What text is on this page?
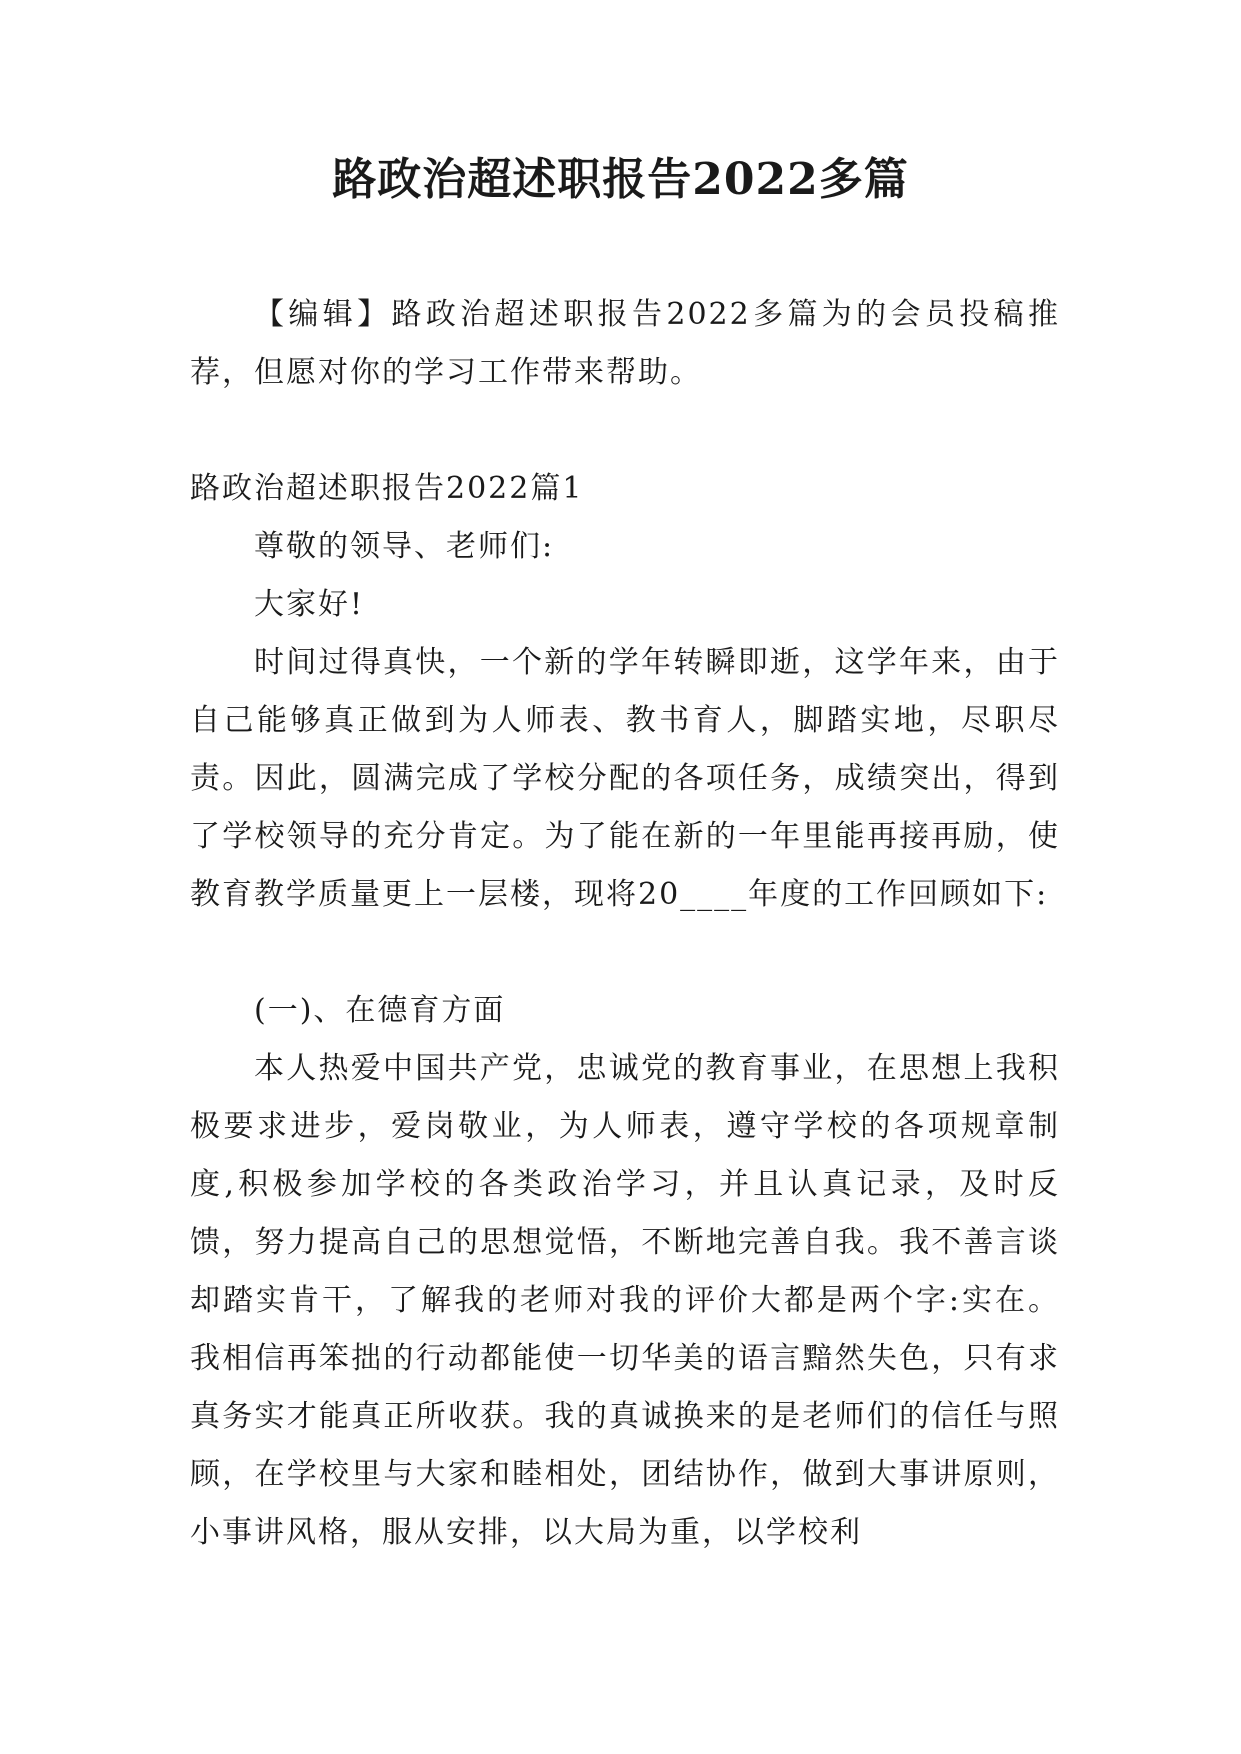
路政治超述职报告2022多篇

【编辑】路政治超述职报告2022多篇为的会员投稿推荐，但愿对你的学习工作带来帮助。

路政治超述职报告2022篇1

尊敬的领导、老师们:

大家好!

时间过得真快，一个新的学年转瞬即逝，这学年来，由于自己能够真正做到为人师表、教书育人，脚踏实地，尽职尽责。因此，圆满完成了学校分配的各项任务，成绩突出，得到了学校领导的充分肯定。为了能在新的一年里能再接再励，使教育教学质量更上一层楼，现将20____年度的工作回顾如下:

(一)、在德育方面

本人热爱中国共产党，忠诚党的教育事业，在思想上我积极要求进步，爱岗敬业，为人师表，遵守学校的各项规章制度,积极参加学校的各类政治学习，并且认真记录，及时反馈，努力提高自己的思想觉悟，不断地完善自我。我不善言谈却踏实肯干，了解我的老师对我的评价大都是两个字:实在。我相信再笨拙的行动都能使一切华美的语言黯然失色，只有求真务实才能真正所收获。我的真诚换来的是老师们的信任与照顾，在学校里与大家和睦相处，团结协作，做到大事讲原则，小事讲风格，服从安排，以大局为重，以学校利
